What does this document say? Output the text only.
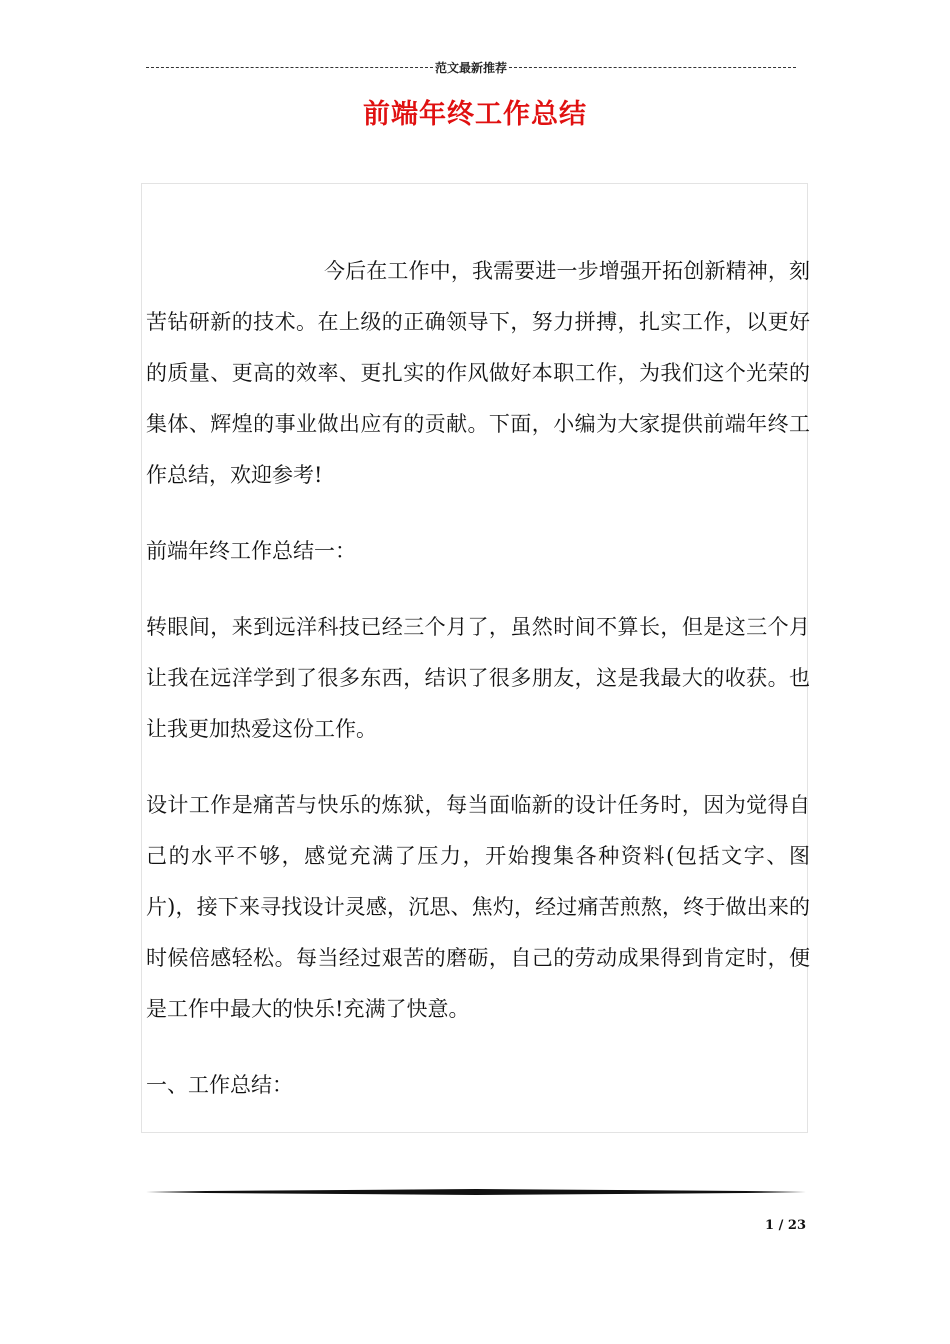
范文最新推荐
前端年终工作总结

今后在工作中，我需要进一步增强开拓创新精神，刻苦钻研新的技术。在上级的正确领导下，努力拼搏，扎实工作，以更好的质量、更高的效率、更扎实的作风做好本职工作，为我们这个光荣的集体、辉煌的事业做出应有的贡献。下面，小编为大家提供前端年终工作总结，欢迎参考!

前端年终工作总结一：

转眼间，来到远洋科技已经三个月了，虽然时间不算长，但是这三个月让我在远洋学到了很多东西，结识了很多朋友，这是我最大的收获。也让我更加热爱这份工作。

设计工作是痛苦与快乐的炼狱，每当面临新的设计任务时，因为觉得自己的水平不够，感觉充满了压力，开始搜集各种资料(包括文字、图片)，接下来寻找设计灵感，沉思、焦灼，经过痛苦煎熬，终于做出来的时候倍感轻松。每当经过艰苦的磨砺，自己的劳动成果得到肯定时，便是工作中最大的快乐!充满了快意。

一、工作总结：

1 / 23
